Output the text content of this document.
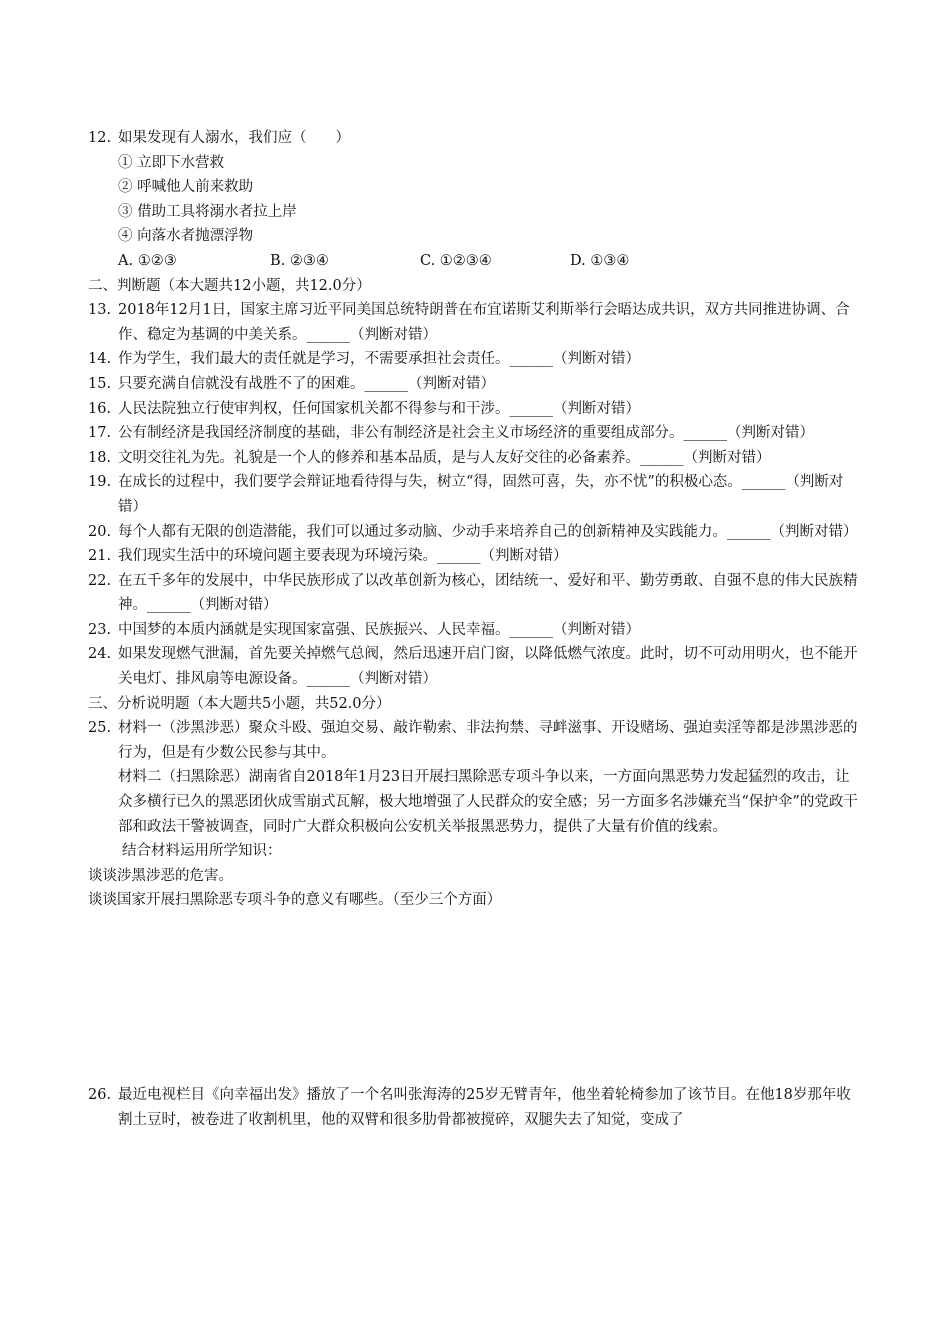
12. 如果发现有人溺水，我们应（　　）
① 立即下水营救
② 呼喊他人前来救助
③ 借助工具将溺水者拉上岸
④ 向落水者抛漂浮物
A. ①②③	B. ②③④	C. ①②③④	D. ①③④
二、判断题（本大题共12小题，共12.0分）
13. 2018年12月1日，国家主席习近平同美国总统特朗普在布宜诺斯艾利斯举行会晤达成共识，双方共同推进协调、合作、稳定为基调的中美关系。______（判断对错）
14. 作为学生，我们最大的责任就是学习，不需要承担社会责任。______（判断对错）
15. 只要充满自信就没有战胜不了的困难。______（判断对错）
16. 人民法院独立行使审判权，任何国家机关都不得参与和干涉。______（判断对错）
17. 公有制经济是我国经济制度的基础，非公有制经济是社会主义市场经济的重要组成部分。______（判断对错）
18. 文明交往礼为先。礼貌是一个人的修养和基本品质，是与人友好交往的必备素养。______（判断对错）
19. 在成长的过程中，我们要学会辩证地看待得与失，树立“得，固然可喜，失，亦不忧”的积极心态。______（判断对错）
20. 每个人都有无限的创造潜能，我们可以通过多动脑、少动手来培养自己的创新精神及实践能力。______（判断对错）
21. 我们现实生活中的环境问题主要表现为环境污染。______（判断对错）
22. 在五千多年的发展中，中华民族形成了以改革创新为核心，团结统一、爱好和平、勤劳勇敢、自强不息的伟大民族精神。______（判断对错）
23. 中国梦的本质内涵就是实现国家富强、民族振兴、人民幸福。______（判断对错）
24. 如果发现燃气泄漏，首先要关掉燃气总阀，然后迅速开启门窗，以降低燃气浓度。此时，切不可动用明火，也不能开关电灯、排风扇等电源设备。______（判断对错）
三、分析说明题（本大题共5小题，共52.0分）
25. 材料一（涉黑涉恶）聚众斗殴、强迫交易、敲诈勒索、非法拘禁、寻衅滋事、开设赌场、强迫卖淫等都是涉黑涉恶的行为，但是有少数公民参与其中。
材料二（扫黑除恶）湖南省自2018年1月23日开展扫黑除恶专项斗争以来，一方面向黑恶势力发起猛烈的攻击，让众多横行已久的黑恶团伙成雪崩式瓦解，极大地增强了人民群众的安全感；另一方面多名涉嫌充当“保护伞”的党政干部和政法干警被调查，同时广大群众积极向公安机关举报黑恶势力，提供了大量有价值的线索。
结合材料运用所学知识：
谈谈涉黑涉恶的危害。
谈谈国家开展扫黑除恶专项斗争的意义有哪些。（至少三个方面）
26. 最近电视栏目《向幸福出发》播放了一个名叫张海涛的25岁无臂青年，他坐着轮椅参加了该节目。在他18岁那年收割土豆时，被卷进了收割机里，他的双臂和很多肋骨都被搅碎，双腿失去了知觉，变成了
